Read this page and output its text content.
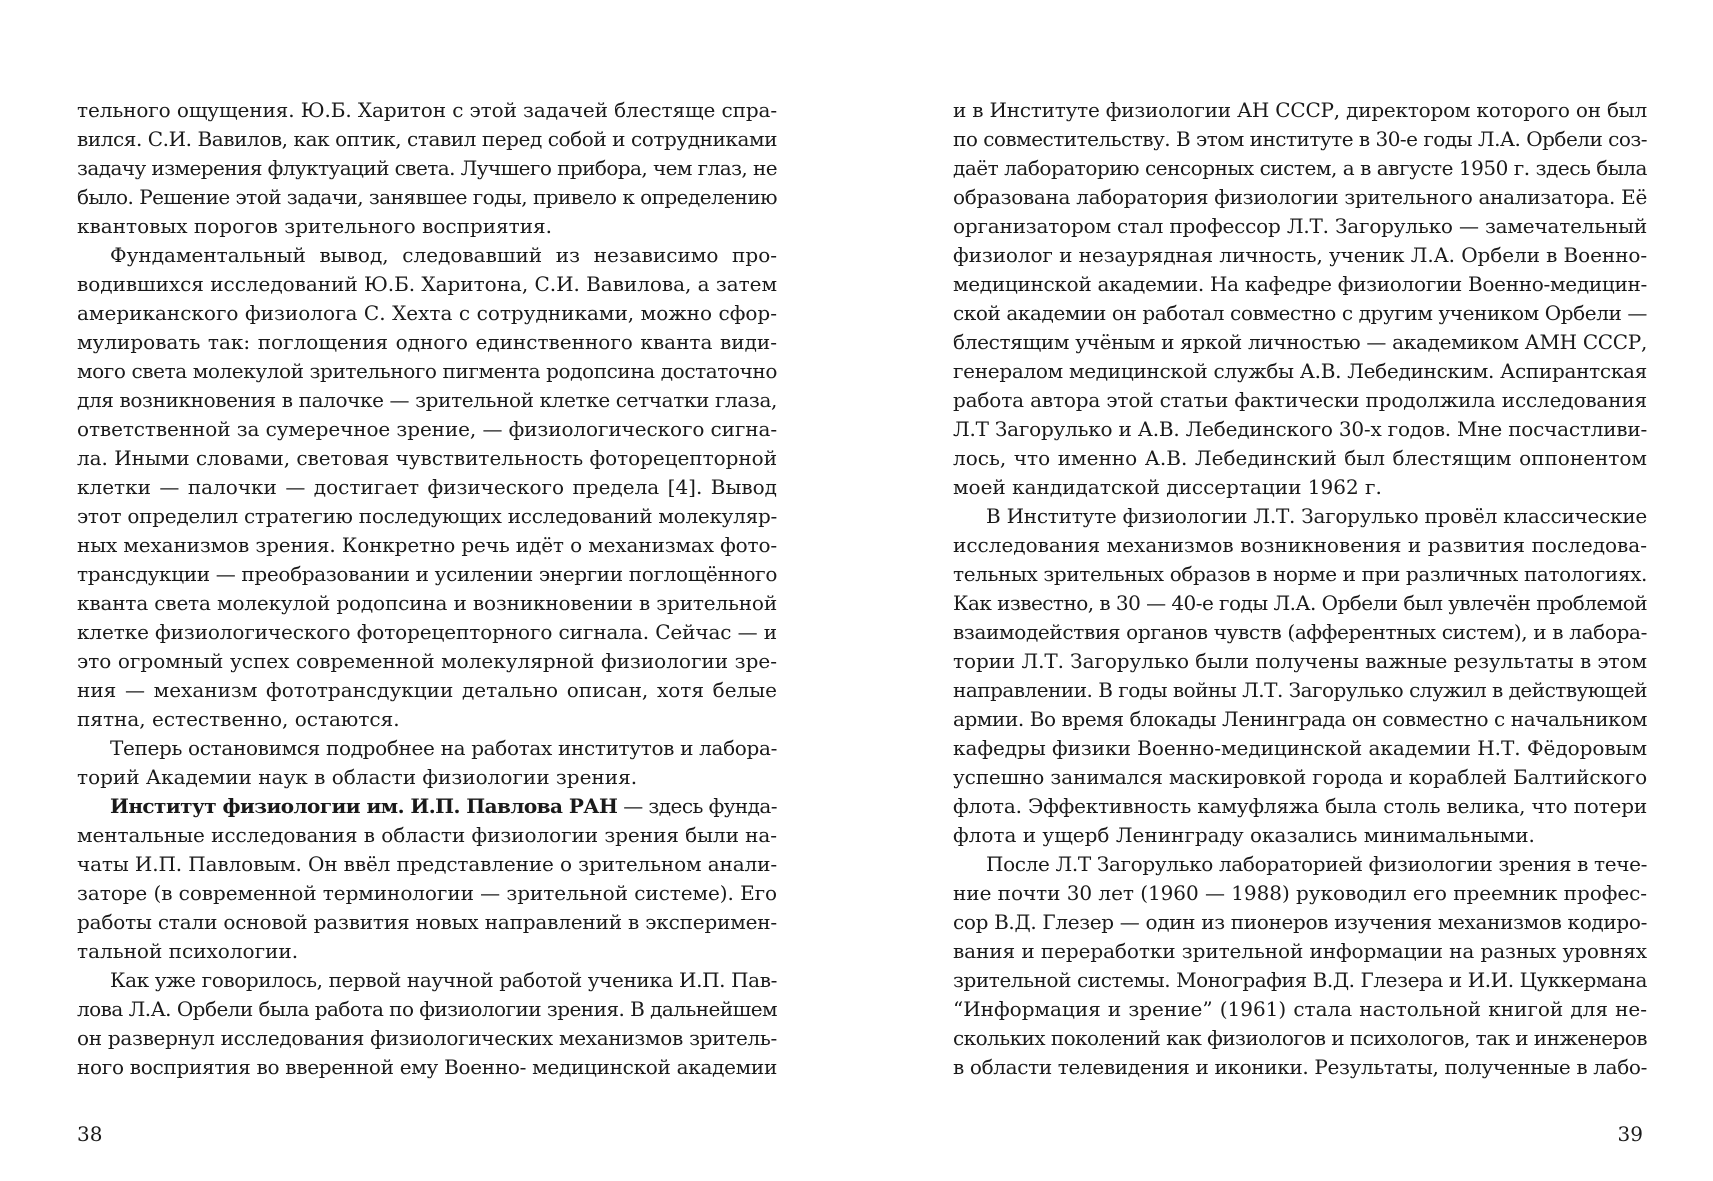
тельного ощущения. Ю.Б. Харитон с этой задачей блестяще спра-
вился. С.И. Вавилов, как оптик, ставил перед собой и сотрудниками
задачу измерения флуктуаций света. Лучшего прибора, чем глаз, не
было. Решение этой задачи, занявшее годы, привело к определению
квантовых порогов зрительного восприятия.
Фундаментальный вывод, следовавший из независимо про-
водившихся исследований Ю.Б. Харитона, С.И. Вавилова, а затем
американского физиолога С. Хехта с сотрудниками, можно сфор-
мулировать так: поглощения одного единственного кванта види-
мого света молекулой зрительного пигмента родопсина достаточно
для возникновения в палочке — зрительной клетке сетчатки глаза,
ответственной за сумеречное зрение, — физиологического сигна-
ла. Иными словами, световая чувствительность фоторецепторной
клетки — палочки — достигает физического предела [4]. Вывод
этот определил стратегию последующих исследований молекуляр-
ных механизмов зрения. Конкретно речь идёт о механизмах фото-
трансдукции — преобразовании и усилении энергии поглощённого
кванта света молекулой родопсина и возникновении в зрительной
клетке физиологического фоторецепторного сигнала. Сейчас — и
это огромный успех современной молекулярной физиологии зре-
ния — механизм фототрансдукции детально описан, хотя белые
пятна, естественно, остаются.
Теперь остановимся подробнее на работах институтов и лабора-
торий Академии наук в области физиологии зрения.
Институт физиологии им. И.П. Павлова РАН — здесь фунда-
ментальные исследования в области физиологии зрения были на-
чаты И.П. Павловым. Он ввёл представление о зрительном анали-
заторе (в современной терминологии — зрительной системе). Его
работы стали основой развития новых направлений в эксперимен-
тальной психологии.
Как уже говорилось, первой научной работой ученика И.П. Пав-
лова Л.А. Орбели была работа по физиологии зрения. В дальнейшем
он развернул исследования физиологических механизмов зритель-
ного восприятия во вверенной ему Военно- медицинской академии
38
и в Институте физиологии АН СССР, директором которого он был
по совместительству. В этом институте в 30-е годы Л.А. Орбели соз-
даёт лабораторию сенсорных систем, а в августе 1950 г. здесь была
образована лаборатория физиологии зрительного анализатора. Её
организатором стал профессор Л.Т. Загорулько — замечательный
физиолог и незаурядная личность, ученик Л.А. Орбели в Военно-
медицинской академии. На кафедре физиологии Военно-медицин-
ской академии он работал совместно с другим учеником Орбели —
блестящим учёным и яркой личностью — академиком АМН СССР,
генералом медицинской службы А.В. Лебединским. Аспирантская
работа автора этой статьи фактически продолжила исследования
Л.Т Загорулько и А.В. Лебединского 30-х годов. Мне посчастливи-
лось, что именно А.В. Лебединский был блестящим оппонентом
моей кандидатской диссертации 1962 г.
В Институте физиологии Л.Т. Загорулько провёл классические
исследования механизмов возникновения и развития последова-
тельных зрительных образов в норме и при различных патологиях.
Как известно, в 30 — 40-е годы Л.А. Орбели был увлечён проблемой
взаимодействия органов чувств (афферентных систем), и в лабора-
тории Л.Т. Загорулько были получены важные результаты в этом
направлении. В годы войны Л.Т. Загорулько служил в действующей
армии. Во время блокады Ленинграда он совместно с начальником
кафедры физики Военно-медицинской академии Н.Т. Фёдоровым
успешно занимался маскировкой города и кораблей Балтийского
флота. Эффективность камуфляжа была столь велика, что потери
флота и ущерб Ленинграду оказались минимальными.
После Л.Т Загорулько лабораторией физиологии зрения в тече-
ние почти 30 лет (1960 — 1988) руководил его преемник профес-
сор В.Д. Глезер — один из пионеров изучения механизмов кодиро-
вания и переработки зрительной информации на разных уровнях
зрительной системы. Монография В.Д. Глезера и И.И. Цуккермана
“Информация и зрение” (1961) стала настольной книгой для не-
скольких поколений как физиологов и психологов, так и инженеров
в области телевидения и иконики. Результаты, полученные в лабо-
39
